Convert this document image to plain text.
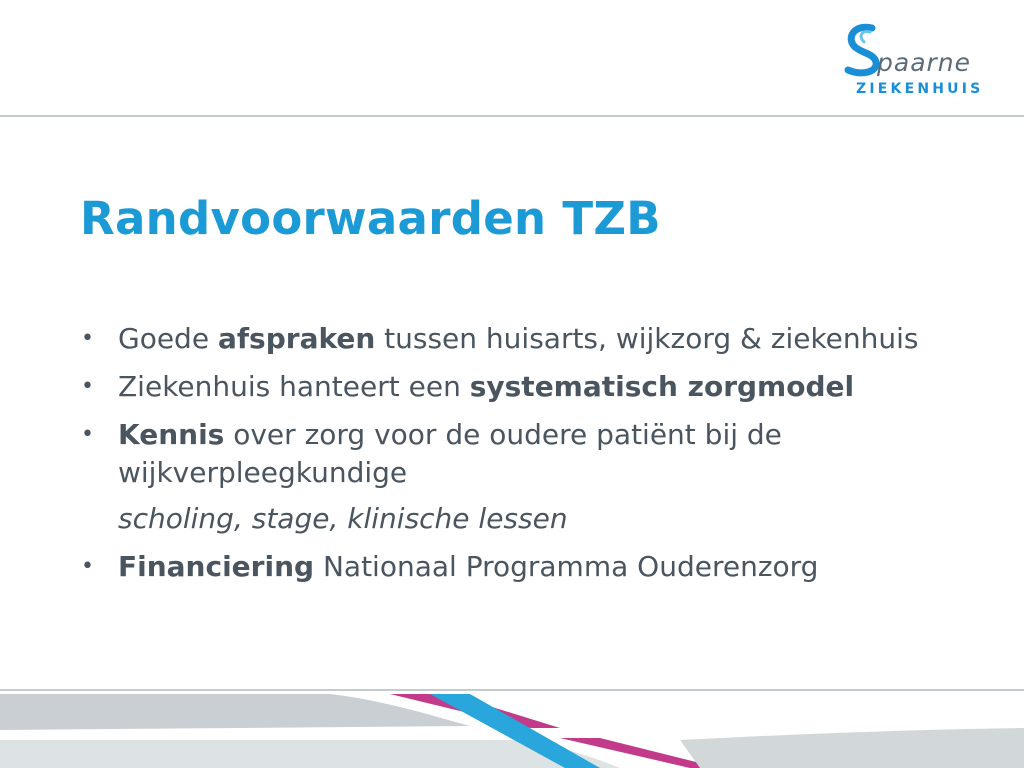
paarne
ZIEKENHUIS
Randvoorwaarden TZB
• Goede afspraken tussen huisarts, wijkzorg & ziekenhuis
• Ziekenhuis hanteert een systematisch zorgmodel
• Kennis over zorg voor de oudere patiënt bij de wijkverpleegkundige
scholing, stage, klinische lessen
• Financiering Nationaal Programma Ouderenzorg
